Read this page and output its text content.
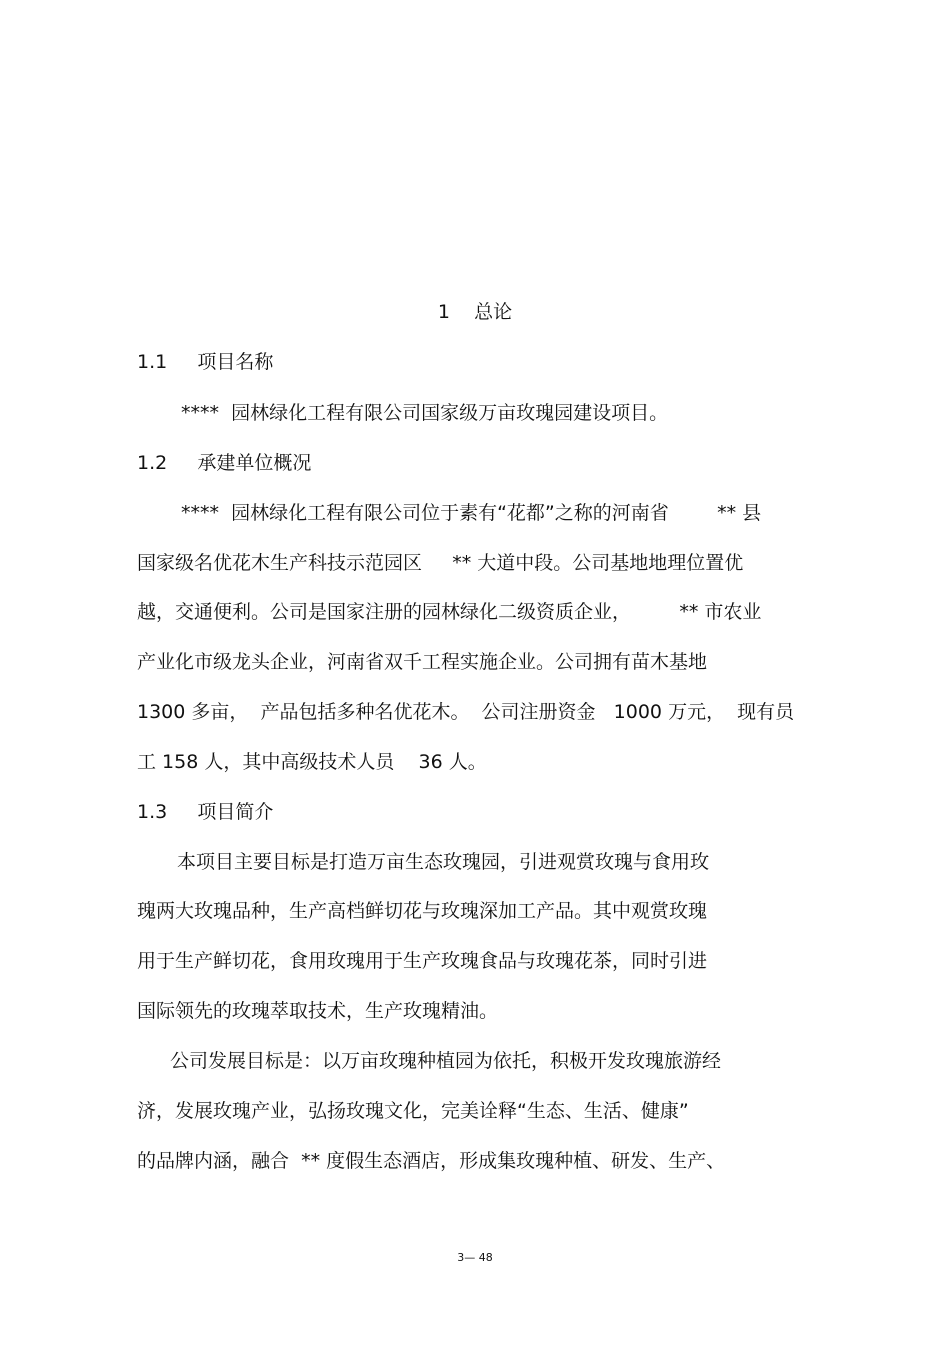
1    总论
1.1     项目名称
****  园林绿化工程有限公司国家级万亩玫瑰园建设项目。
1.2     承建单位概况
****  园林绿化工程有限公司位于素有“花都”之称的河南省        ** 县
国家级名优花木生产科技示范园区     ** 大道中段。公司基地地理位置优
越，交通便利。公司是国家注册的园林绿化二级资质企业，        ** 市农业
产业化市级龙头企业，河南省双千工程实施企业。公司拥有苗木基地
1300 多亩，  产品包括多种名优花木。  公司注册资金   1000 万元，  现有员
工 158 人，其中高级技术人员    36 人。
1.3     项目简介
本项目主要目标是打造万亩生态玫瑰园，引进观赏玫瑰与食用玫
瑰两大玫瑰品种，生产高档鲜切花与玫瑰深加工产品。其中观赏玫瑰
用于生产鲜切花，食用玫瑰用于生产玫瑰食品与玫瑰花茶，同时引进
国际领先的玫瑰萃取技术，生产玫瑰精油。
公司发展目标是：以万亩玫瑰种植园为依托，积极开发玫瑰旅游经
济，发展玫瑰产业，弘扬玫瑰文化，完美诠释“生态、生活、健康”
的品牌内涵，融合  ** 度假生态酒店，形成集玫瑰种植、研发、生产、
3— 48
